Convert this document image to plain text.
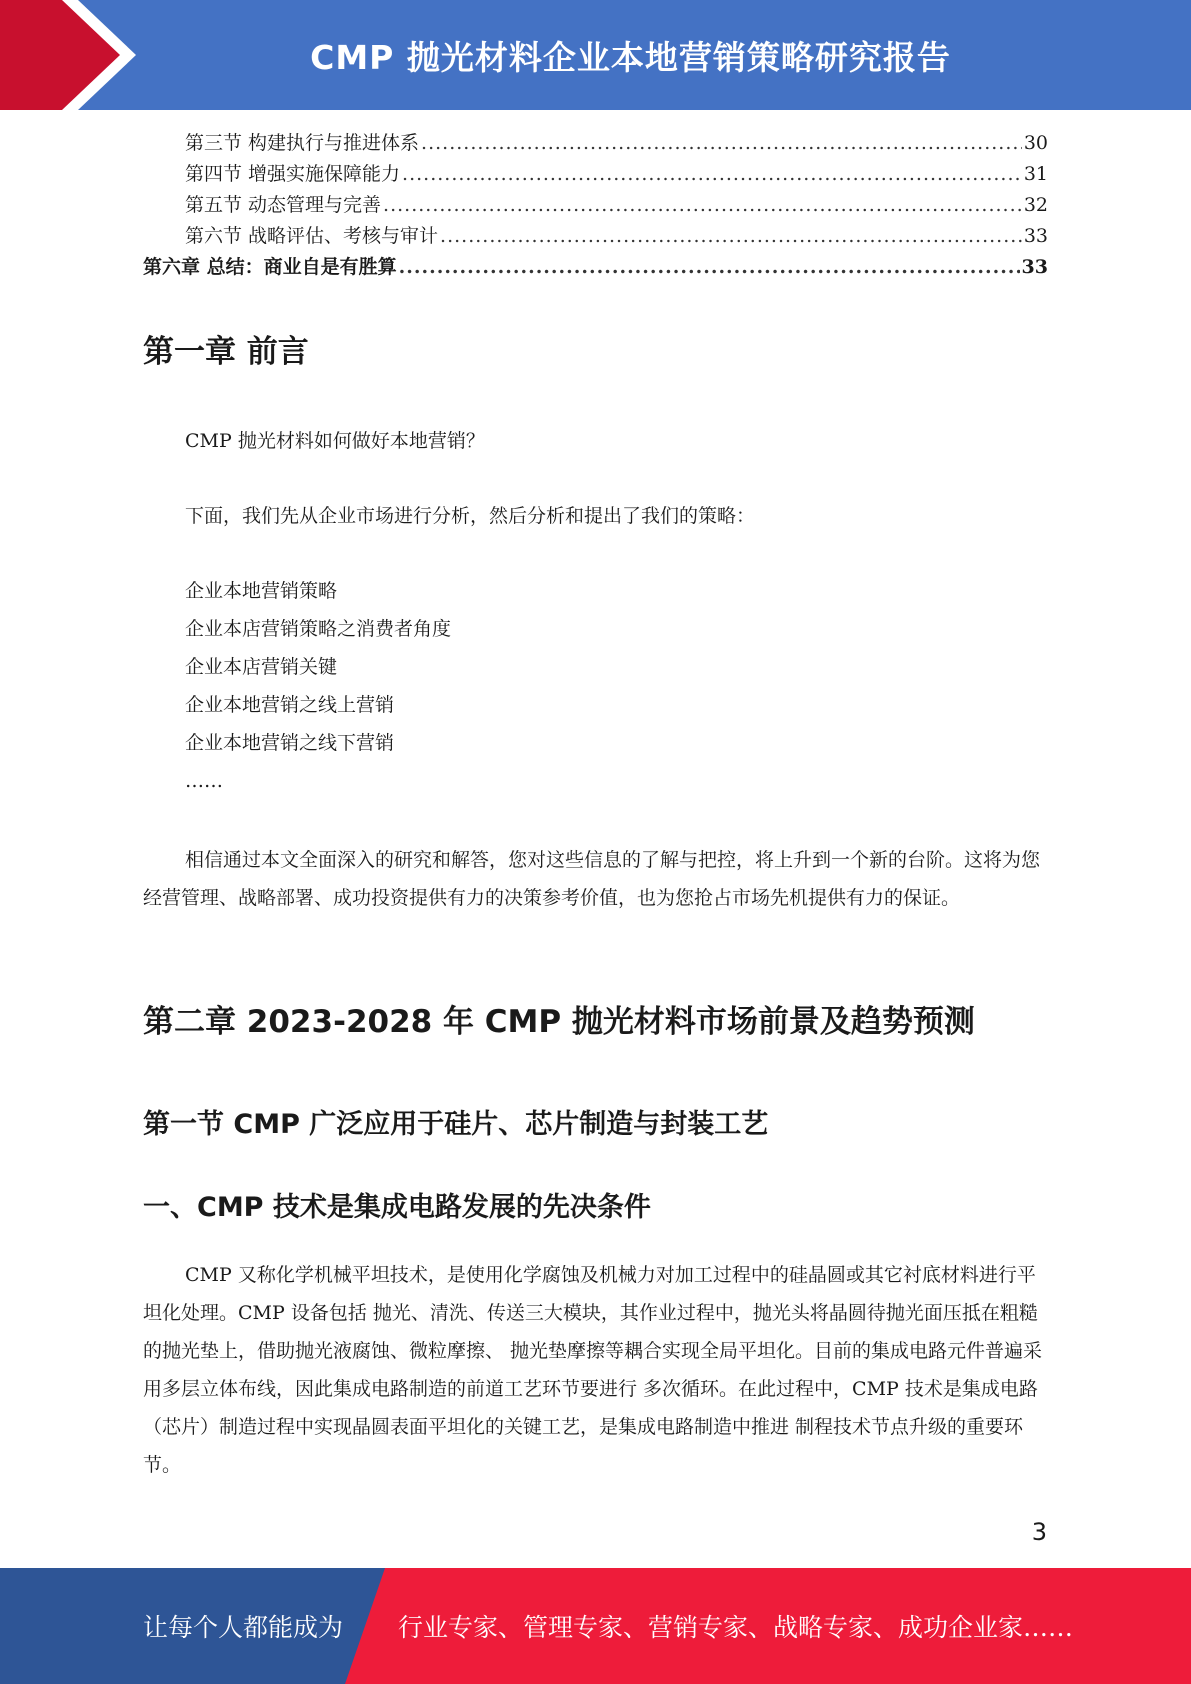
CMP 抛光材料企业本地营销策略研究报告
第三节 构建执行与推进体系 .....	30
第四节 增强实施保障能力 .....	31
第五节 动态管理与完善 .....	32
第六节 战略评估、考核与审计 .....	33
第六章 总结：商业自是有胜算 .....	33
第一章 前言

CMP 抛光材料如何做好本地营销？

下面，我们先从企业市场进行分析，然后分析和提出了我们的策略：

企业本地营销策略
企业本店营销策略之消费者角度
企业本店营销关键
企业本地营销之线上营销
企业本地营销之线下营销
……

相信通过本文全面深入的研究和解答，您对这些信息的了解与把控，将上升到一个新的台阶。这将为您经营管理、战略部署、成功投资提供有力的决策参考价值，也为您抢占市场先机提供有力的保证。

第二章 2023-2028 年 CMP 抛光材料市场前景及趋势预测
第一节 CMP 广泛应用于硅片、芯片制造与封装工艺
一、CMP 技术是集成电路发展的先决条件

CMP 又称化学机械平坦技术，是使用化学腐蚀及机械力对加工过程中的硅晶圆或其它衬底材料进行平坦化处理。CMP 设备包括 抛光、清洗、传送三大模块，其作业过程中，抛光头将晶圆待抛光面压抵在粗糙的抛光垫上，借助抛光液腐蚀、微粒摩擦、 抛光垫摩擦等耦合实现全局平坦化。目前的集成电路元件普遍采用多层立体布线，因此集成电路制造的前道工艺环节要进行 多次循环。在此过程中，CMP 技术是集成电路（芯片）制造过程中实现晶圆表面平坦化的关键工艺，是集成电路制造中推进 制程技术节点升级的重要环节。

3
让每个人都能成为 行业专家、管理专家、营销专家、战略专家、成功企业家……
